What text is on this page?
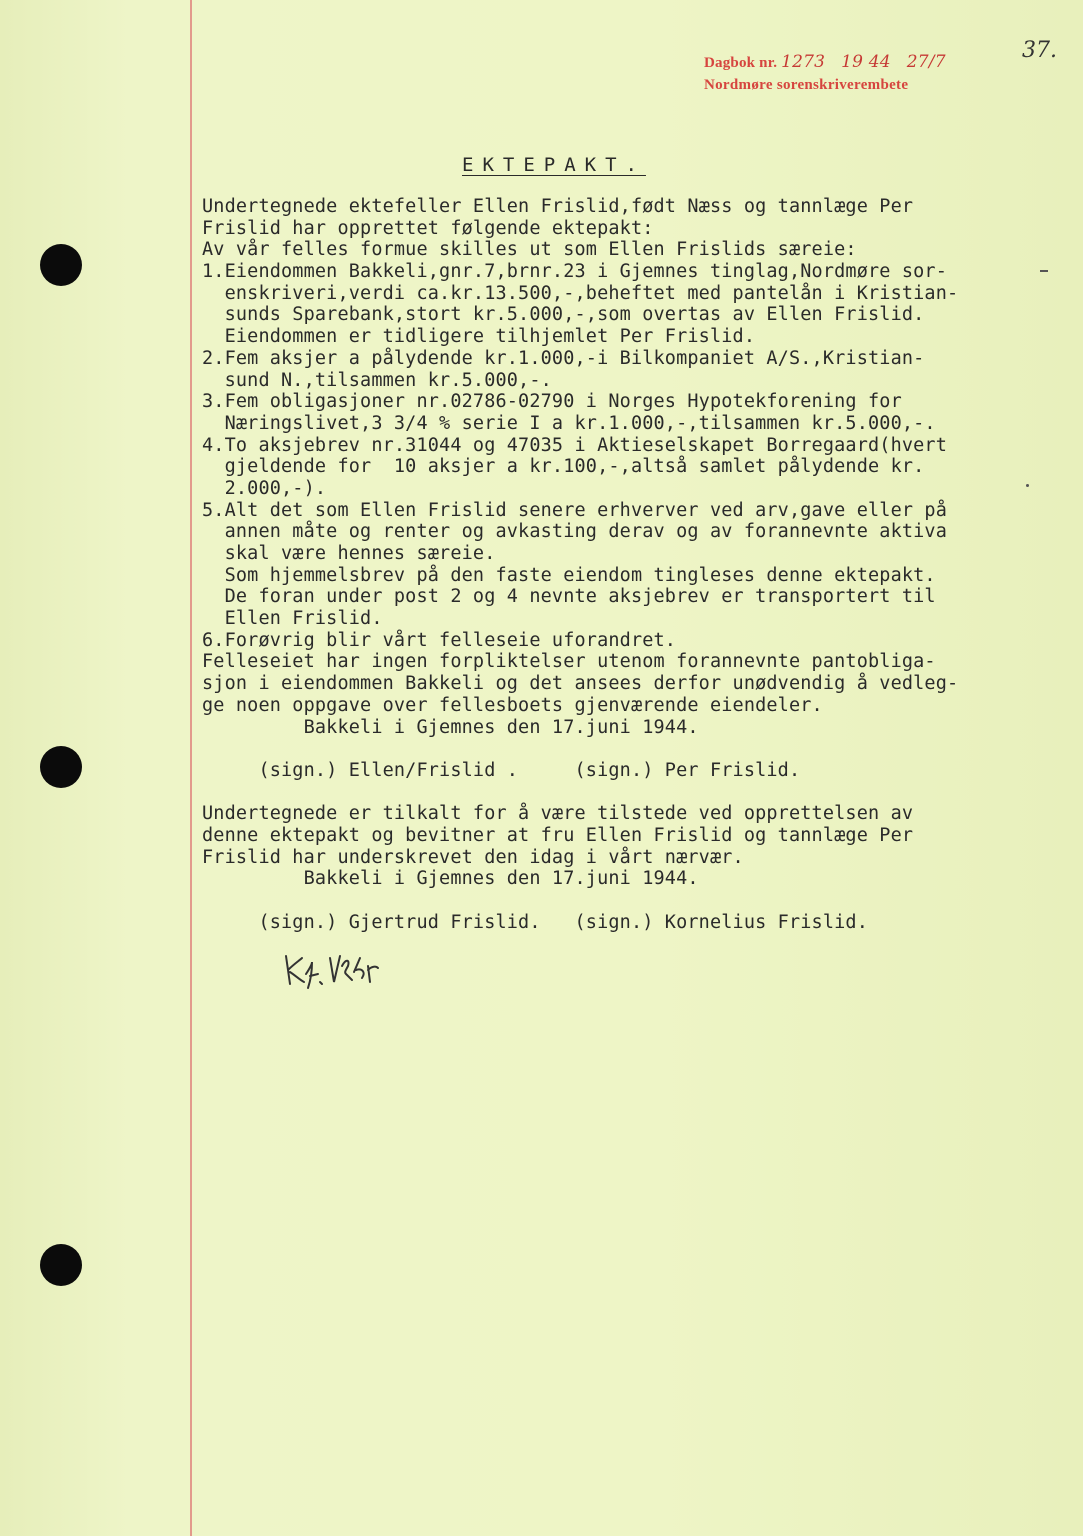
Dagbok nr. 1273 19 44 27/7
Nordmøre sorenskriverembete
37.
EKTEPAKT.
Undertegnede ektefeller Ellen Frislid,født Næss og tannlæge Per
Frislid har opprettet følgende ektepakt:
Av vår felles formue skilles ut som Ellen Frislids særeie:
1.Eiendommen Bakkeli,gnr.7,brnr.23 i Gjemnes tinglag,Nordmøre sor-
enskriveri,verdi ca.kr.13.500,-,beheftet med pantelån i Kristian-
sunds Sparebank,stort kr.5.000,-,som overtas av Ellen Frislid.
Eiendommen er tidligere tilhjemlet Per Frislid.
2.Fem aksjer a pålydende kr.1.000,-i Bilkompaniet A/S.,Kristian-
sund N.,tilsammen kr.5.000,-.
3.Fem obligasjoner nr.02786-02790 i Norges Hypotekforening for
Næringslivet,3 3/4 % serie I a kr.1.000,-,tilsammen kr.5.000,-.
4.To aksjebrev nr.31044 og 47035 i Aktieselskapet Borregaard(hvert
gjeldende for  10 aksjer a kr.100,-,altså samlet pålydende kr.
2.000,-).
5.Alt det som Ellen Frislid senere erhverver ved arv,gave eller på
annen måte og renter og avkasting derav og av forannevnte aktiva
skal være hennes særeie.
Som hjemmelsbrev på den faste eiendom tingleses denne ektepakt.
De foran under post 2 og 4 nevnte aksjebrev er transportert til
Ellen Frislid.
6.Forøvrig blir vårt felleseie uforandret.
Felleseiet har ingen forpliktelser utenom forannevnte pantobliga-
sjon i eiendommen Bakkeli og det ansees derfor unødvendig å vedleg-
ge noen oppgave over fellesboets gjenværende eiendeler.
Bakkeli i Gjemnes den 17.juni 1944.
(sign.) Ellen/Frislid .     (sign.) Per Frislid.
Undertegnede er tilkalt for å være tilstede ved opprettelsen av
denne ektepakt og bevitner at fru Ellen Frislid og tannlæge Per
Frislid har underskrevet den idag i vårt nærvær.
Bakkeli i Gjemnes den 17.juni 1944.
(sign.) Gjertrud Frislid.   (sign.) Kornelius Frislid.
Kfr. Vklr
